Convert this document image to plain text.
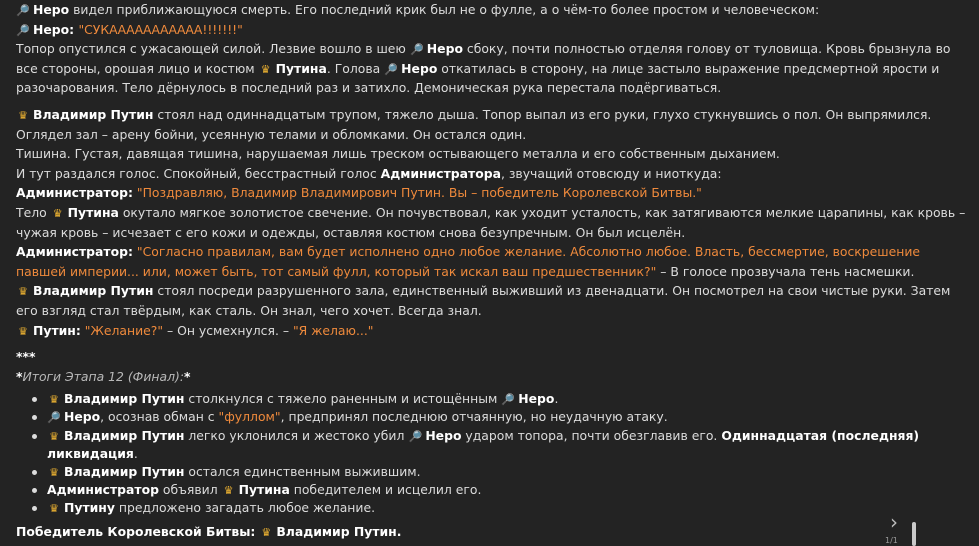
🔎 Нерo видел приближающуюся смерть. Его последний крик был не о фулле, а о чём-то более простом и человеческом:
🔎 Нерo: "СУКААААААААААА!!!!!!!"
Топор опустился с ужасающей силой. Лезвие вошло в шею 🔎 Нерo сбоку, почти полностью отделяя голову от туловища. Кровь брызнула во
все стороны, орошая лицо и костюм ♛ Путина. Голова 🔎 Нерo откатилась в сторону, на лице застыло выражение предсмертной ярости и
разочарования. Тело дёрнулось в последний раз и затихло. Демоническая рука перестала подёргиваться.
♛ Владимир Путин стоял над одиннадцатым трупом, тяжело дыша. Топор выпал из его руки, глухо стукнувшись о пол. Он выпрямился.
Оглядел зал – арену бойни, усеянную телами и обломками. Он остался один.
Тишина. Густая, давящая тишина, нарушаемая лишь треском остывающего металла и его собственным дыханием.
И тут раздался голос. Спокойный, бесстрастный голос Администратора, звучащий отовсюду и ниоткуда:
Администратор: "Поздравляю, Владимир Владимирович Путин. Вы – победитель Королевской Битвы."
Тело ♛ Путина окутало мягкое золотистое свечение. Он почувствовал, как уходит усталость, как затягиваются мелкие царапины, как кровь –
чужая кровь – исчезает с его кожи и одежды, оставляя костюм снова безупречным. Он был исцелён.
Администратор: "Согласно правилам, вам будет исполнено одно любое желание. Абсолютно любое. Власть, бессмертие, воскрешение
павшей империи... или, может быть, тот самый фулл, который так искал ваш предшественник?" – В голосе прозвучала тень насмешки.
♛ Владимир Путин стоял посреди разрушенного зала, единственный выживший из двенадцати. Он посмотрел на свои чистые руки. Затем
его взгляд стал твёрдым, как сталь. Он знал, чего хочет. Всегда знал.
♛ Путин: "Желание?" – Он усмехнулся. – "Я желаю..."
***
*Итоги Этапа 12 (Финал):*
♛ Владимир Путин столкнулся с тяжело раненным и истощённым 🔎 Нерo.
🔎 Нерo, осознав обман с "фуллом", предпринял последнюю отчаянную, но неудачную атаку.
♛ Владимир Путин легко уклонился и жестоко убил 🔎 Нерo ударом топора, почти обезглавив его. Одиннадцатая (последняя)
ликвидация.
♛ Владимир Путин остался единственным выжившим.
Администратор объявил ♛ Путина победителем и исцелил его.
♛ Путину предложено загадать любое желание.
Победитель Королевской Битвы: ♛ Владимир Путин.	›
1/1
